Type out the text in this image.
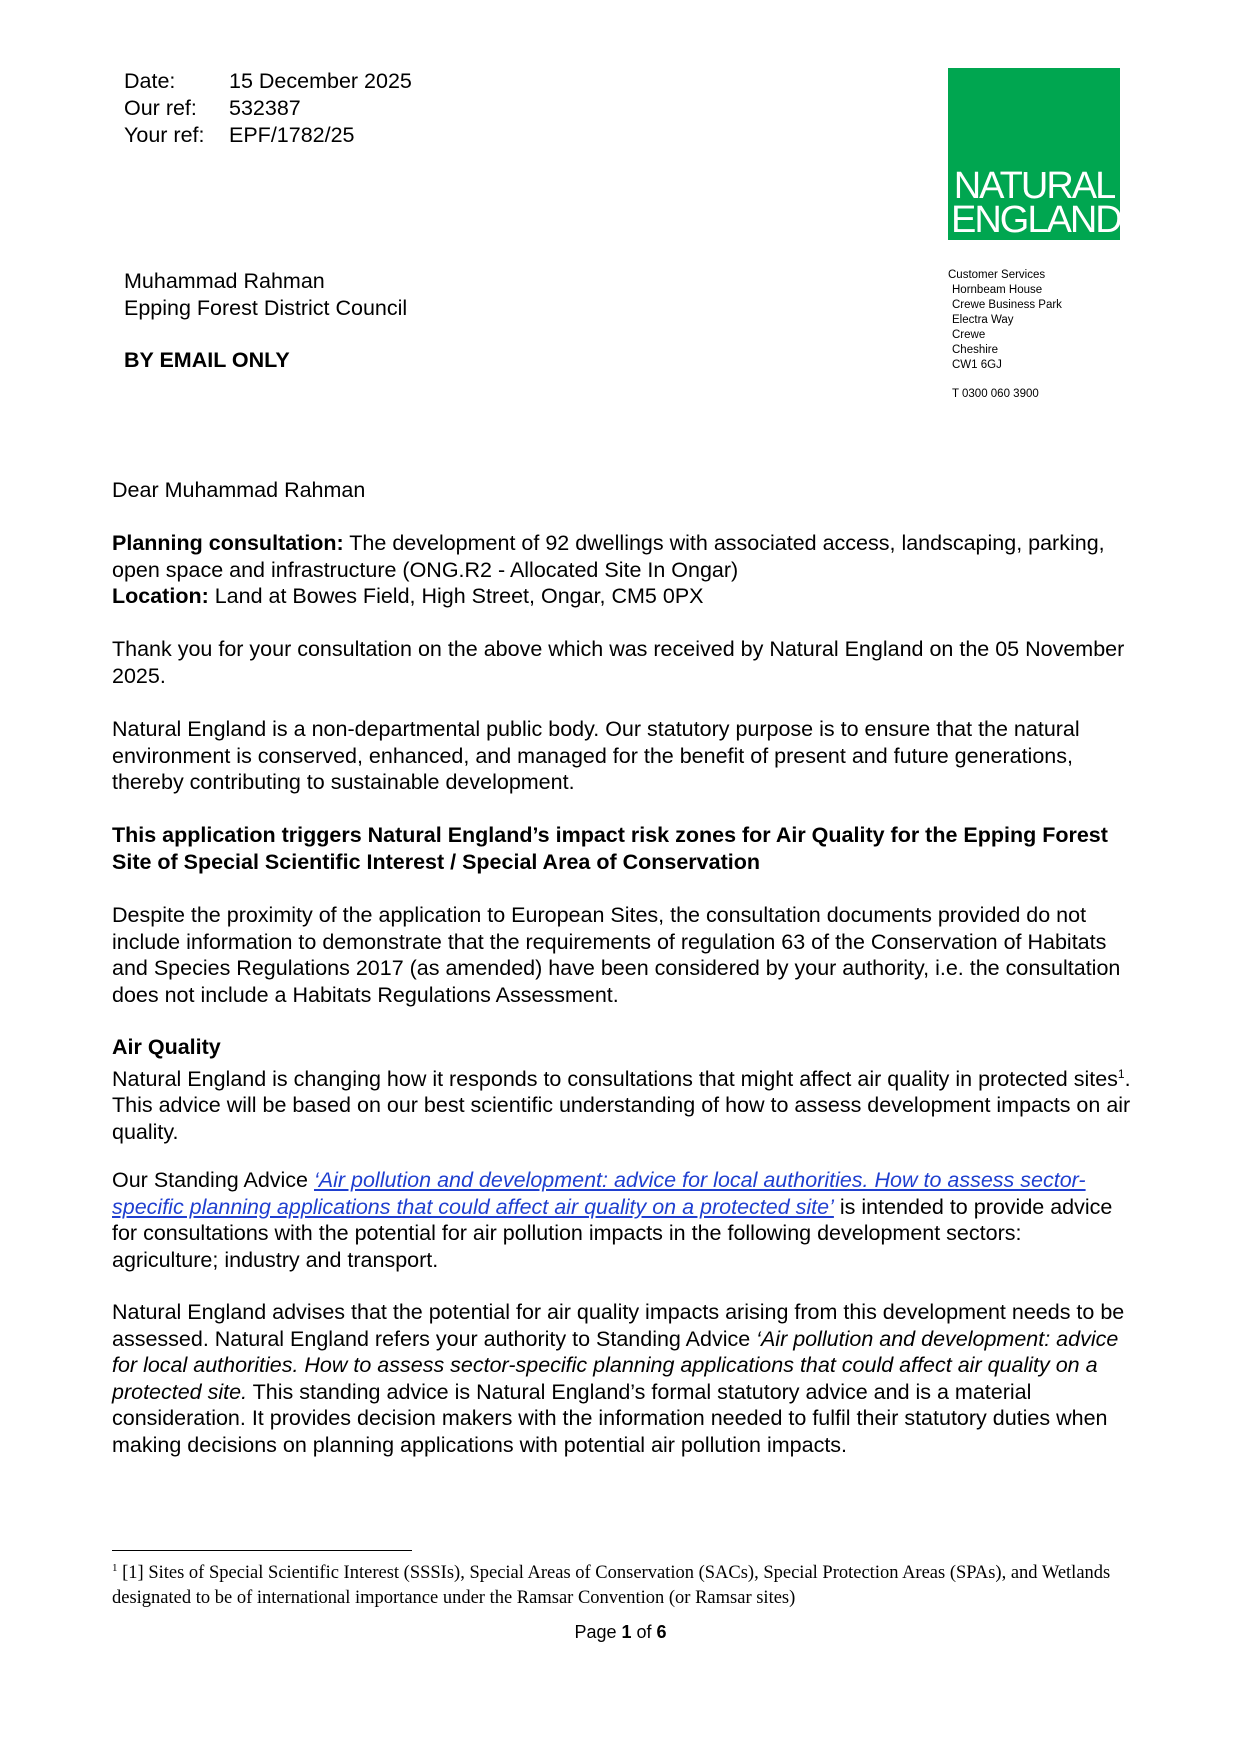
Date:	15 December 2025
Our ref:	532387
Your ref:	EPF/1782/25
NATURAL
ENGLAND
Customer Services
Hornbeam House
Crewe Business Park
Electra Way
Crewe
Cheshire
CW1 6GJ
T 0300 060 3900
Muhammad Rahman
Epping Forest District Council
BY EMAIL ONLY

Dear Muhammad Rahman

Planning consultation: The development of 92 dwellings with associated access, landscaping, parking, open space and infrastructure (ONG.R2 - Allocated Site In Ongar)

Location: Land at Bowes Field, High Street, Ongar, CM5 0PX

Thank you for your consultation on the above which was received by Natural England on the 05 November 2025.

Natural England is a non-departmental public body. Our statutory purpose is to ensure that the natural environment is conserved, enhanced, and managed for the benefit of present and future generations, thereby contributing to sustainable development.

This application triggers Natural England’s impact risk zones for Air Quality for the Epping Forest Site of Special Scientific Interest / Special Area of Conservation

Despite the proximity of the application to European Sites, the consultation documents provided do not include information to demonstrate that the requirements of regulation 63 of the Conservation of Habitats and Species Regulations 2017 (as amended) have been considered by your authority, i.e. the consultation does not include a Habitats Regulations Assessment.

Air Quality

Natural England is changing how it responds to consultations that might affect air quality in protected sites$^1$. This advice will be based on our best scientific understanding of how to assess development impacts on air quality.

Our Standing Advice ‘Air pollution and development: advice for local authorities. How to assess sector-specific planning applications that could affect air quality on a protected site’ is intended to provide advice for consultations with the potential for air pollution impacts in the following development sectors: agriculture; industry and transport.

Natural England advises that the potential for air quality impacts arising from this development needs to be assessed. Natural England refers your authority to Standing Advice ‘Air pollution and development: advice for local authorities. How to assess sector-specific planning applications that could affect air quality on a protected site. This standing advice is Natural England’s formal statutory advice and is a material consideration. It provides decision makers with the information needed to fulfil their statutory duties when making decisions on planning applications with potential air pollution impacts.

$^1$ [1] Sites of Special Scientific Interest (SSSIs), Special Areas of Conservation (SACs), Special Protection Areas (SPAs), and Wetlands designated to be of international importance under the Ramsar Convention (or Ramsar sites)
Page 1 of 6
